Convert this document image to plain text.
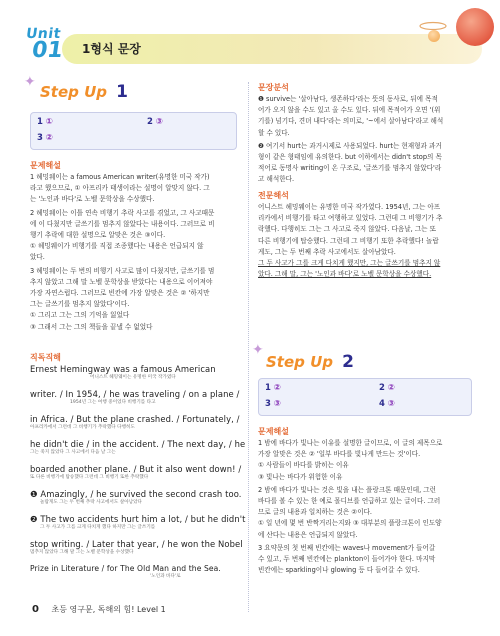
Unit
01 1형식 문장
✦
Step Up 1
1 ①	2 ③
3 ②
문제해설
1 헤밍웨이는 a famous American writer(유명한 미국 작가)
라고 했으므로, ① 아프리카 태생이라는 설명이 알맞지 않다. 그
는 '노인과 바다'로 노벨 문학상을 수상했다.
2 헤밍웨이는 이틀 연속 비행기 추락 사고를 겪었고, 그 사고때문
에 이 다쳤지만 글쓰기를 멈추지 않았다는 내용이다. 그러므로 비
행기 추락에 대한 설명으로 알맞은 것은 ③이다.
① 헤밍웨이가 비행기를 직접 조종했다는 내용은 언급되지 않
았다.
3 헤밍웨이는 두 번의 비행기 사고로 많이 다쳤지만, 글쓰기를 멈
추지 않았고 그해 말 노벨 문학상을 받았다는 내용으로 이어져야
가장 자연스럽다. 그러므로 빈칸에 가장 알맞은 것은 ② '하지만
그는 글쓰기를 멈추지 않았다'이다.
① 그리고 그는 그의 기억을 잃었다
③ 그래서 그는 그의 책들을 끝낼 수 없었다
직독직해
Ernest Hemingway was a famous American
어니스트 헤밍웨이는 유명한 미국 작가였다
writer. / In 1954, / he was traveling / on a plane /
1954년 그는 여행 중이었다 비행기를 타고
in Africa. / But the plane crashed. / Fortunately, /
아프리카에서 그런데 그 비행기가 추락했다 다행히도
he didn't die / in the accident. / The next day, / he
그는 죽지 않았다 그 사고에서 다음 날 그는
boarded another plane. / But it also went down! /
또 다른 비행기에 탑승했다 그런데 그 비행기 또한 추락했다
❶ Amazingly, / he survived the second crash too.
놀랍게도 그는 두 번째 추락 사고에서도 살아남았다
❷ The two accidents hurt him a lot, / but he didn't
그 두 사고가 그를 크게 다치게 했다 하지만 그는 글쓰기를
stop writing. / Later that year, / he won the Nobel
멈추지 않았다 그해 말 그는 노벨 문학상을 수상했다
Prize in Literature / for The Old Man and the Sea.
'노인과 바다'로
문장분석
❶ survive는 '살아남다, 생존하다'라는 뜻의 동사로, 뒤에 목적
어가 오지 않을 수도 있고 올 수도 있다. 뒤에 목적어가 오면 '(위
기를) 넘기다, 견뎌 내다'라는 의미로, '~에서 살아남다'라고 해석
할 수 있다.
❷ 여기서 hurt는 과거시제로 사용되었다. hurt는 현재형과 과거
형이 같은 형태임에 유의한다. but 이하에서는 didn't stop의 목
적어로 동명사 writing이 온 구조로, '글쓰기를 멈추지 않았다'라
고 해석한다.
전문해석
어니스트 헤밍웨이는 유명한 미국 작가였다. 1954년, 그는 아프
리카에서 비행기를 타고 여행하고 있었다. 그런데 그 비행기가 추
락했다. 다행히도 그는 그 사고로 죽지 않았다. 다음날, 그는 또
다른 비행기에 탑승했다. 그런데 그 비행기 또한 추락했다! 놀랍
게도, 그는 두 번째 추락 사고에서도 살아남았다.
그 두 사고가 그를 크게 다치게 했지만, 그는 글쓰기를 멈추지 않
았다. 그해 말, 그는 '노인과 바다'로 노벨 문학상을 수상했다.
✦
Step Up 2
1 ②	2 ②
3 ③	4 ③
문제해설
1 밤에 바다가 빛나는 이유를 설명한 글이므로, 이 글의 제목으로
가장 알맞은 것은 ② '일부 바다를 빛나게 만드는 것'이다.
① 사람들이 바다를 밝히는 이유
③ 빛나는 바다가 위험한 이유
2 밤에 바다가 빛나는 것은 빛을 내는 플랑크톤 때문인데, 그런
바다를 볼 수 있는 한 예로 몰디브를 언급하고 있는 글이다. 그러
므로 글의 내용과 일치하는 것은 ②이다.
① 일 년에 몇 번 반짝거리는지와 ③ 대부분의 플랑크톤이 인도양
에 산다는 내용은 언급되지 않았다.
3 요약문의 첫 번째 빈칸에는 waves나 movement가 들어갈
수 있고, 두 번째 빈칸에는 plankton이 들어가야 한다. 마지막
빈칸에는 sparkling이나 glowing 등 다 들어갈 수 있다.
0 초등 영구문, 독해의 힘! Level 1
